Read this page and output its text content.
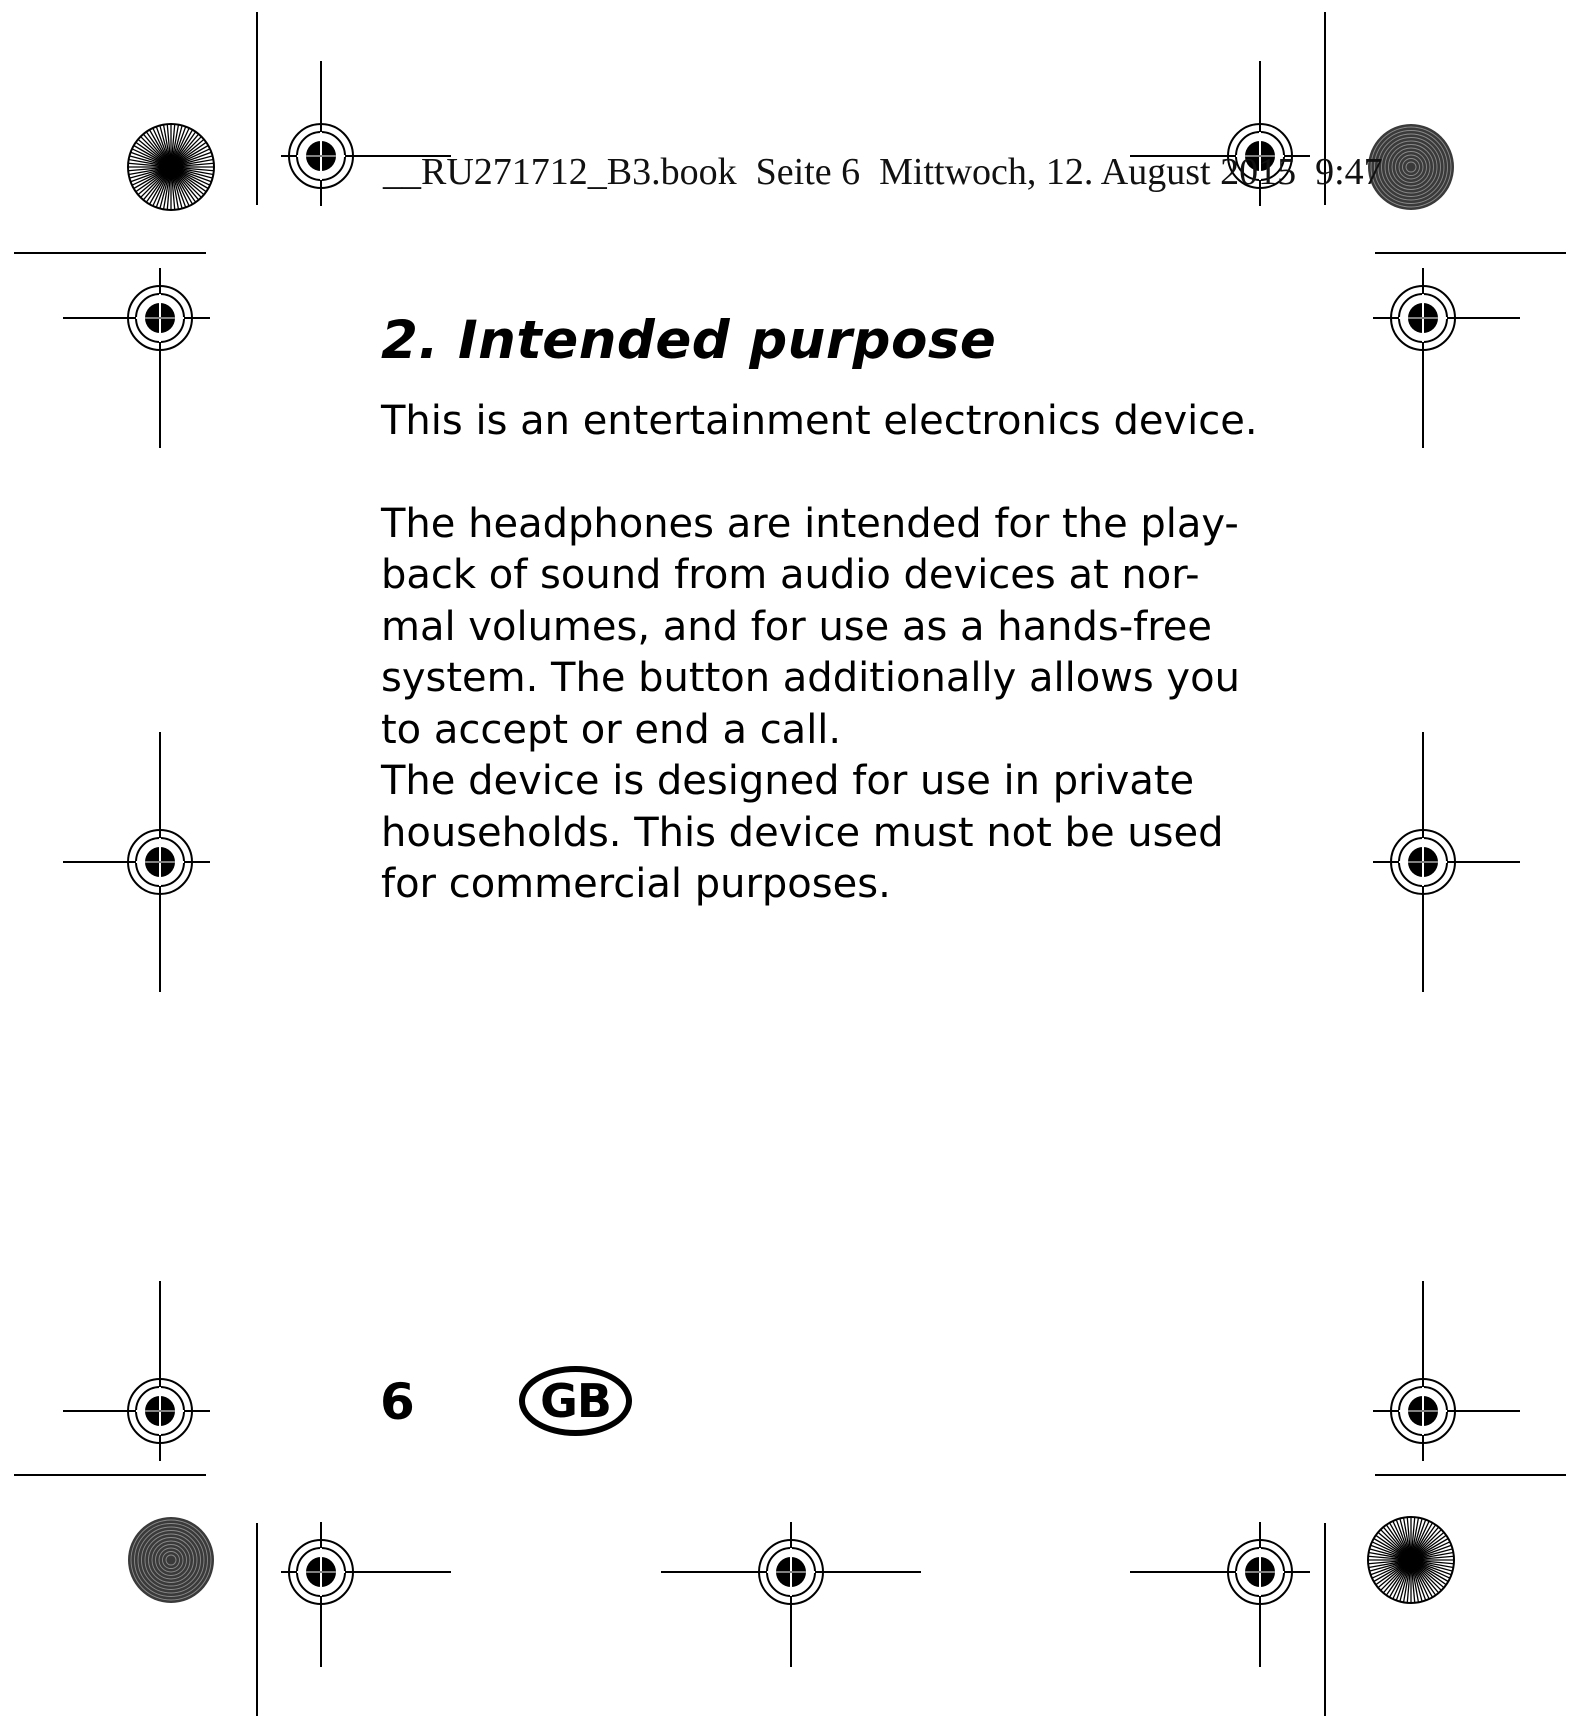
__RU271712_B3.book  Seite 6  Mittwoch, 12. August 2015  9:47
2. Intended purpose

This is an entertainment electronics device.

The headphones are intended for the play-

back of sound from audio devices at nor-

mal volumes, and for use as a hands-free

system. The button additionally allows you

to accept or end a call.

The device is designed for use in private

households. This device must not be used

for commercial purposes.

6	GB
